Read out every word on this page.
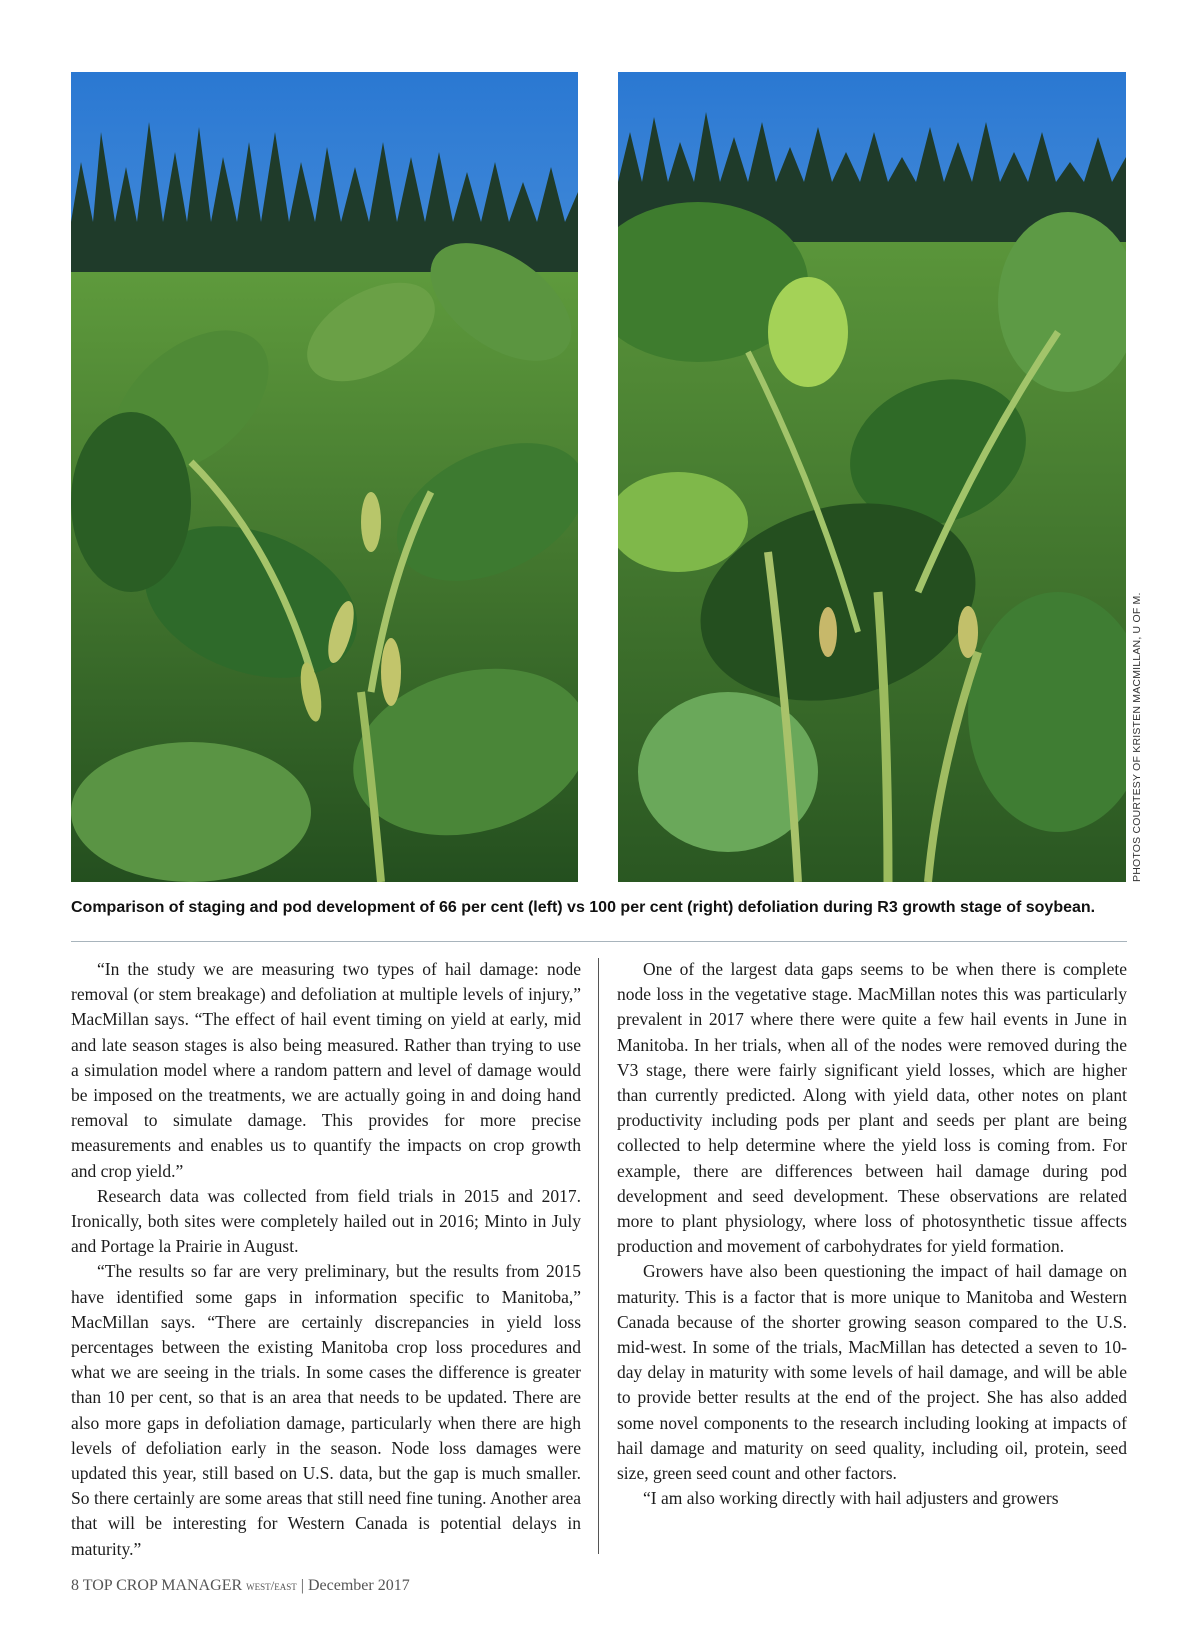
PHOTOS COURTESY OF KRISTEN MACMILLAN, U OF M.
Comparison of staging and pod development of 66 per cent (left) vs 100 per cent (right) defoliation during R3 growth stage of soybean.

“In the study we are measuring two types of hail damage: node removal (or stem breakage) and defoliation at multiple levels of injury,” MacMillan says. “The effect of hail event timing on yield at early, mid and late season stages is also being measured. Rather than trying to use a simulation model where a random pattern and level of damage would be imposed on the treatments, we are actually going in and doing hand removal to simulate damage. This provides for more precise measurements and enables us to quantify the impacts on crop growth and crop yield.”

Research data was collected from field trials in 2015 and 2017. Ironically, both sites were completely hailed out in 2016; Minto in July and Portage la Prairie in August.

“The results so far are very preliminary, but the results from 2015 have identified some gaps in information specific to Manitoba,” MacMillan says. “There are certainly discrepancies in yield loss percentages between the existing Manitoba crop loss procedures and what we are seeing in the trials. In some cases the difference is greater than 10 per cent, so that is an area that needs to be updated. There are also more gaps in defoliation damage, particularly when there are high levels of defoliation early in the season. Node loss damages were updated this year, still based on U.S. data, but the gap is much smaller. So there certainly are some areas that still need fine tuning. Another area that will be interesting for Western Canada is potential delays in maturity.”

One of the largest data gaps seems to be when there is complete node loss in the vegetative stage. MacMillan notes this was particularly prevalent in 2017 where there were quite a few hail events in June in Manitoba. In her trials, when all of the nodes were removed during the V3 stage, there were fairly significant yield losses, which are higher than currently predicted. Along with yield data, other notes on plant productivity including pods per plant and seeds per plant are being collected to help determine where the yield loss is coming from. For example, there are differences between hail damage during pod development and seed development. These observations are related more to plant physiology, where loss of photosynthetic tissue affects production and movement of carbohydrates for yield formation.

Growers have also been questioning the impact of hail damage on maturity. This is a factor that is more unique to Manitoba and Western Canada because of the shorter growing season compared to the U.S. mid-west. In some of the trials, MacMillan has detected a seven to 10-day delay in maturity with some levels of hail damage, and will be able to provide better results at the end of the project. She has also added some novel components to the research including looking at impacts of hail damage and maturity on seed quality, including oil, protein, seed size, green seed count and other factors.

“I am also working directly with hail adjusters and growers

8 TOP CROP MANAGER west/east | December 2017
